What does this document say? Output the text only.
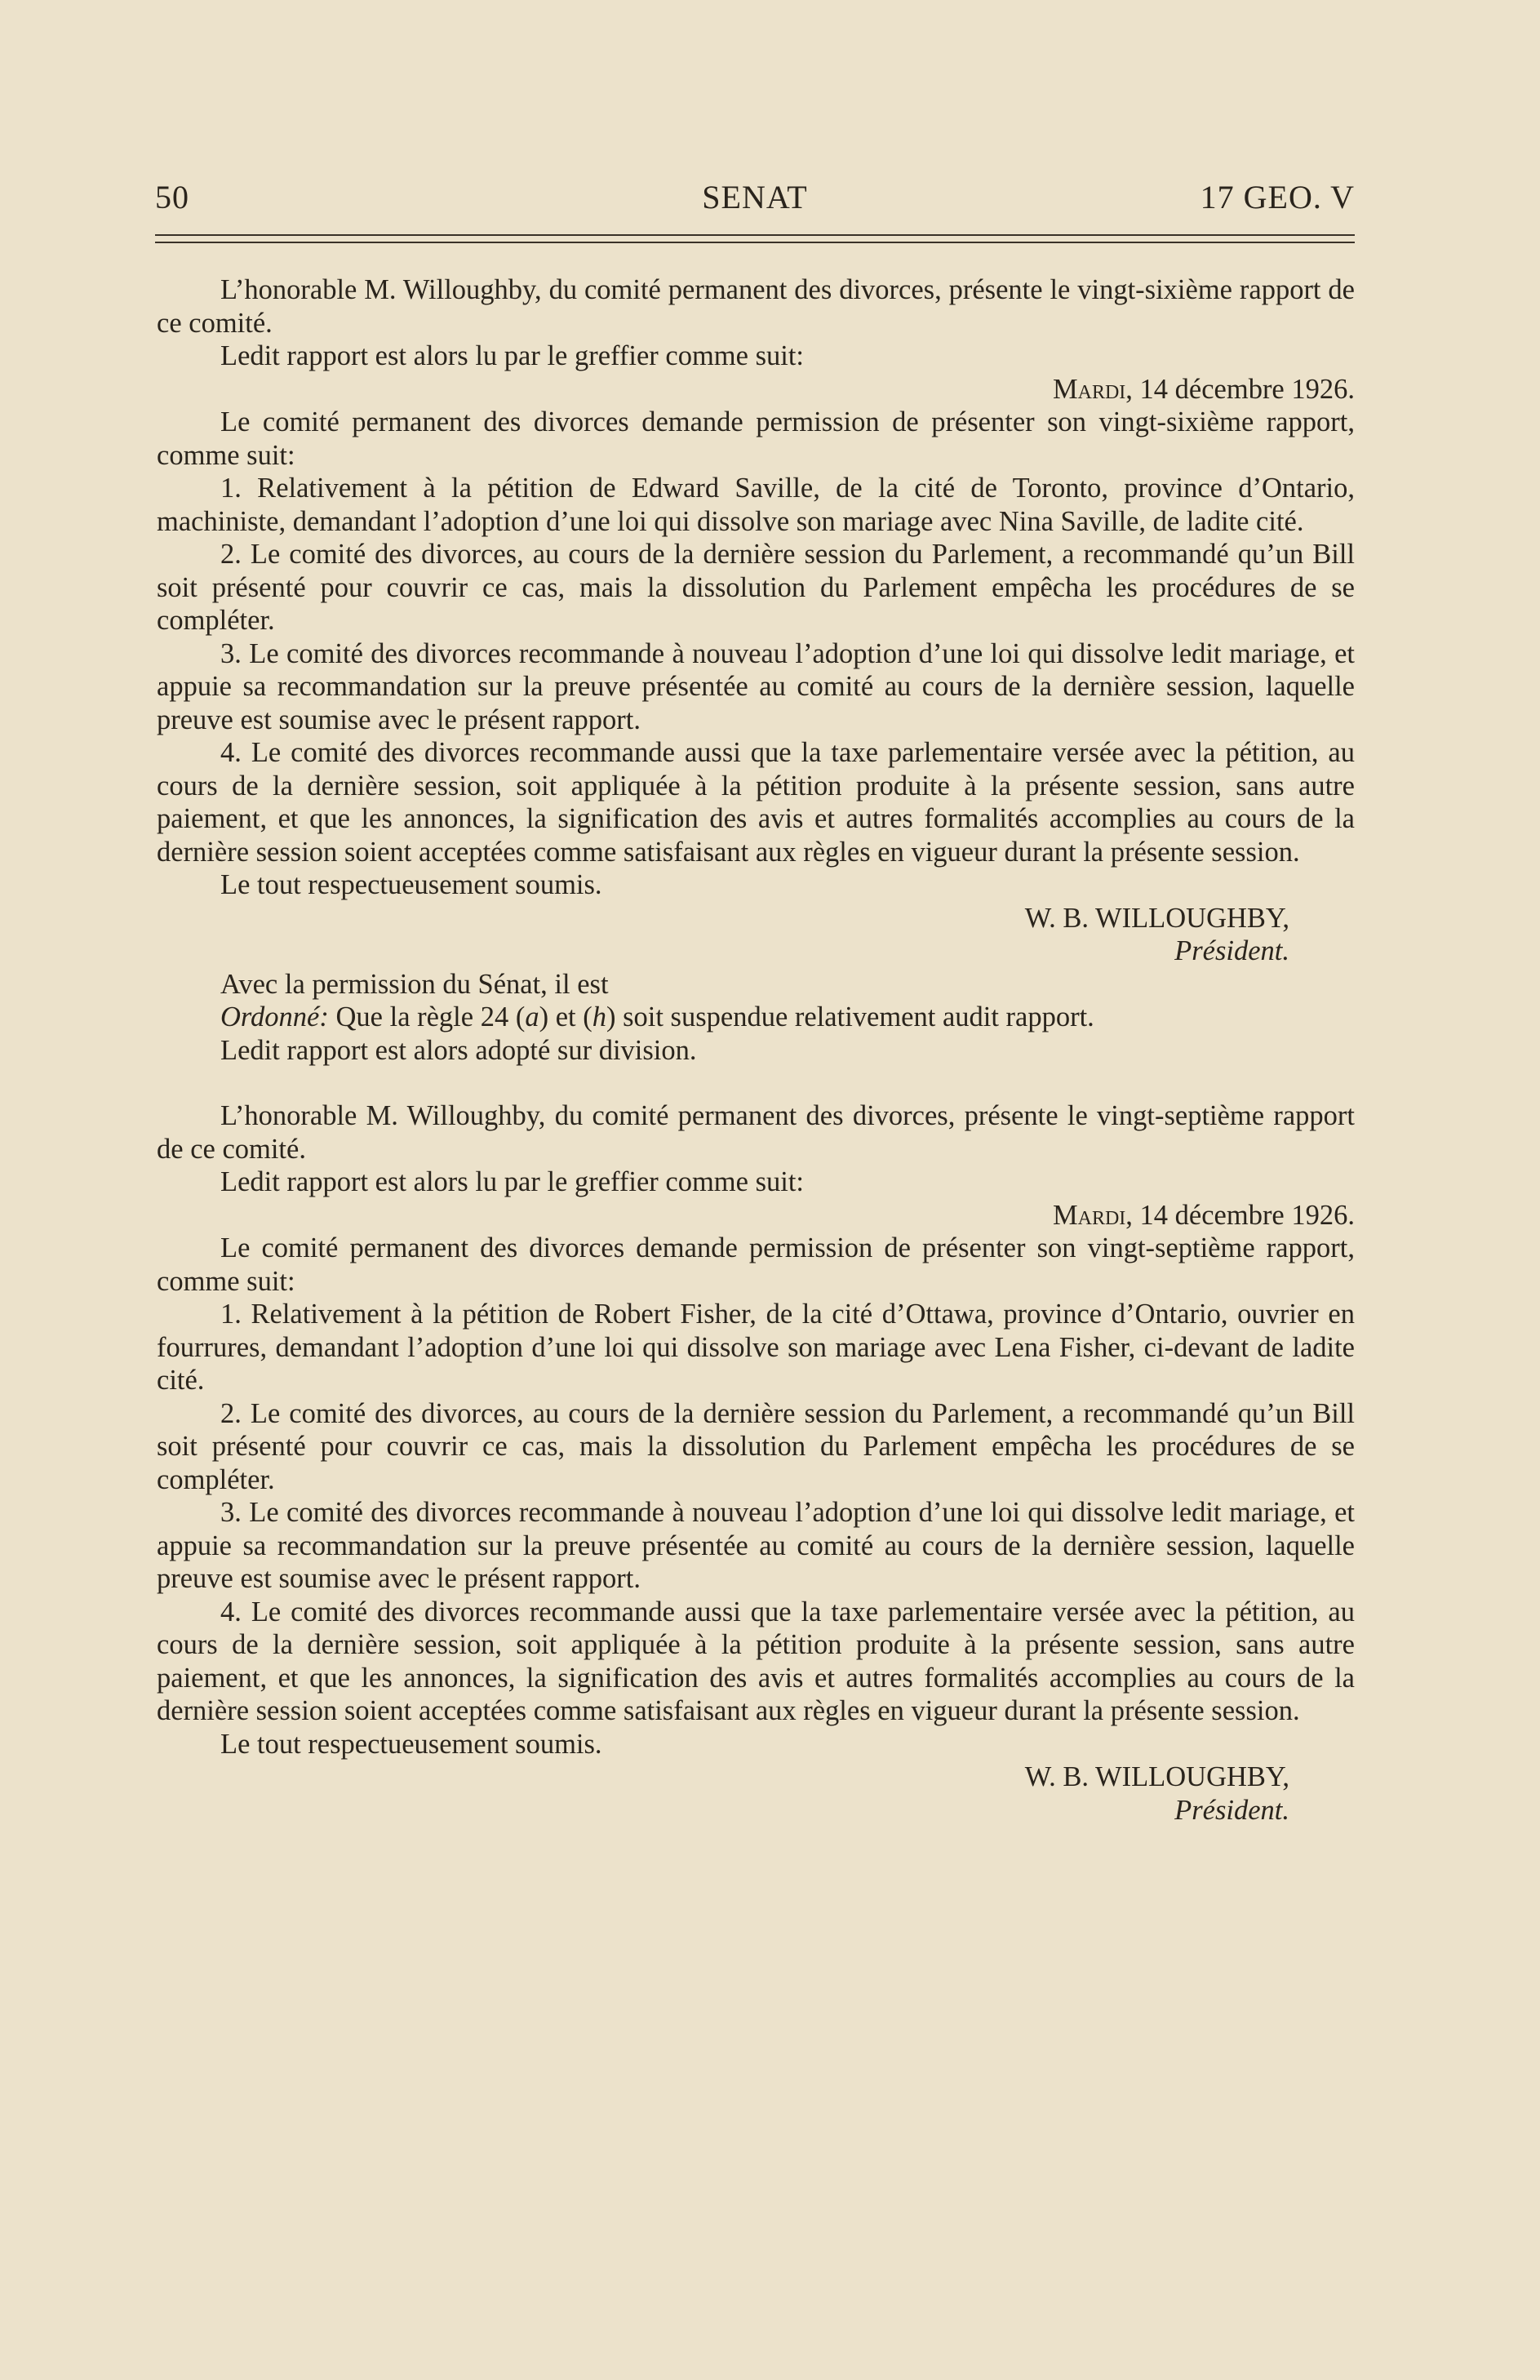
50	SENAT	17 GEO. V

L’honorable M. Willoughby, du comité permanent des divorces, présente le vingt-sixième rapport de ce comité.

Ledit rapport est alors lu par le greffier comme suit:

Mardi, 14 décembre 1926.

Le comité permanent des divorces demande permission de présenter son vingt-sixième rapport, comme suit:

1. Relativement à la pétition de Edward Saville, de la cité de Toronto, province d’Ontario, machiniste, demandant l’adoption d’une loi qui dissolve son mariage avec Nina Saville, de ladite cité.

2. Le comité des divorces, au cours de la dernière session du Parlement, a recommandé qu’un Bill soit présenté pour couvrir ce cas, mais la dissolution du Parlement empêcha les procédures de se compléter.

3. Le comité des divorces recommande à nouveau l’adoption d’une loi qui dissolve ledit mariage, et appuie sa recommandation sur la preuve présentée au comité au cours de la dernière session, laquelle preuve est soumise avec le présent rapport.

4. Le comité des divorces recommande aussi que la taxe parlementaire versée avec la pétition, au cours de la dernière session, soit appliquée à la pétition produite à la présente session, sans autre paiement, et que les annonces, la signification des avis et autres formalités accomplies au cours de la dernière session soient acceptées comme satisfaisant aux règles en vigueur durant la présente session.

Le tout respectueusement soumis.

W. B. WILLOUGHBY,

Président.

Avec la permission du Sénat, il est

Ordonné: Que la règle 24 (a) et (h) soit suspendue relativement audit rapport.

Ledit rapport est alors adopté sur division.

L’honorable M. Willoughby, du comité permanent des divorces, présente le vingt-septième rapport de ce comité.

Ledit rapport est alors lu par le greffier comme suit:

Mardi, 14 décembre 1926.

Le comité permanent des divorces demande permission de présenter son vingt-septième rapport, comme suit:

1. Relativement à la pétition de Robert Fisher, de la cité d’Ottawa, province d’Ontario, ouvrier en fourrures, demandant l’adoption d’une loi qui dissolve son mariage avec Lena Fisher, ci-devant de ladite cité.

2. Le comité des divorces, au cours de la dernière session du Parlement, a recommandé qu’un Bill soit présenté pour couvrir ce cas, mais la dissolution du Parlement empêcha les procédures de se compléter.

3. Le comité des divorces recommande à nouveau l’adoption d’une loi qui dissolve ledit mariage, et appuie sa recommandation sur la preuve présentée au comité au cours de la dernière session, laquelle preuve est soumise avec le présent rapport.

4. Le comité des divorces recommande aussi que la taxe parlementaire versée avec la pétition, au cours de la dernière session, soit appliquée à la pétition produite à la présente session, sans autre paiement, et que les annonces, la signification des avis et autres formalités accomplies au cours de la dernière session soient acceptées comme satisfaisant aux règles en vigueur durant la présente session.

Le tout respectueusement soumis.

W. B. WILLOUGHBY,

Président.
